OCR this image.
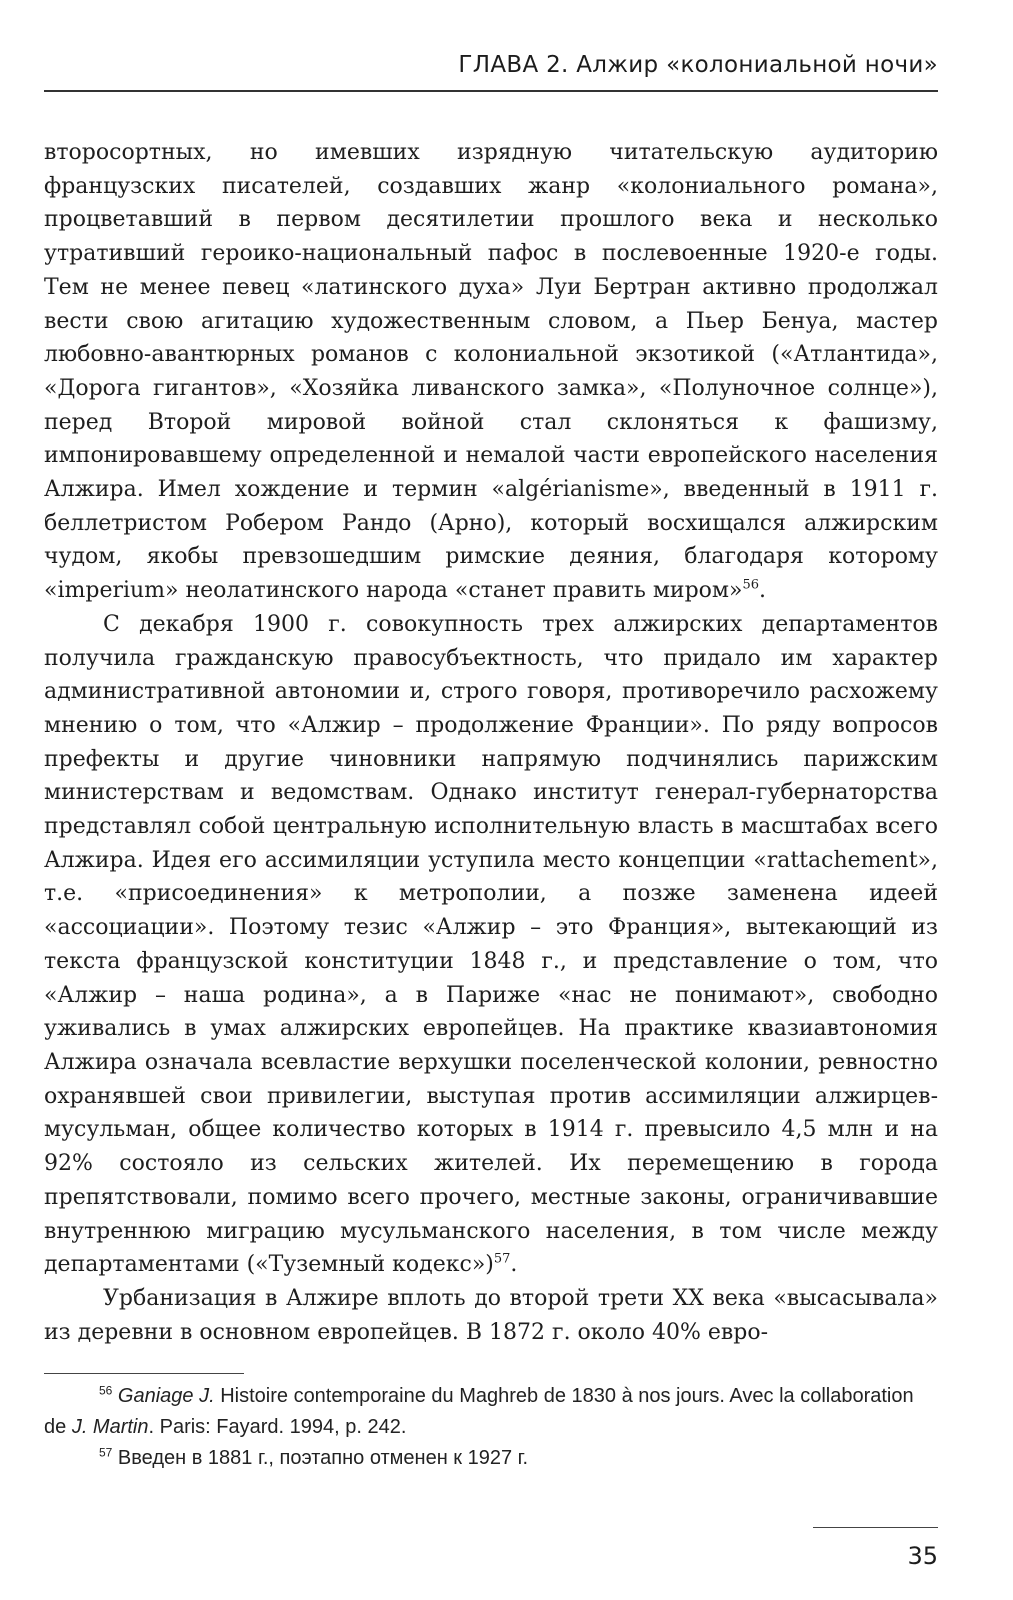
ГЛАВА 2. Алжир «колониальной ночи»

второсортных, но имевших изрядную читательскую аудиторию французских писателей, создавших жанр «колониального романа», процветавший в первом десятилетии прошлого века и несколько утративший героико-национальный пафос в послевоенные 1920-е годы. Тем не менее певец «латинского духа» Луи Бертран активно продолжал вести свою агитацию художественным словом, а Пьер Бенуа, мастер любовно-авантюрных романов с колониальной экзотикой («Атлантида», «Дорога гигантов», «Хозяйка ливанского замка», «Полуночное солнце»), перед Второй мировой войной стал склоняться к фашизму, импонировавшему определенной и немалой части европейского населения Алжира. Имел хождение и термин «algérianisme», введенный в 1911 г. беллетристом Робером Рандо (Арно), который восхищался алжирским чудом, якобы превзошедшим римские деяния, благодаря которому «imperium» неолатинского народа «станет править миром»$^{56}$.

С декабря 1900 г. совокупность трех алжирских департаментов получила гражданскую правосубъектность, что придало им характер административной автономии и, строго говоря, противоречило расхожему мнению о том, что «Алжир – продолжение Франции». По ряду вопросов префекты и другие чиновники напрямую подчинялись парижским министерствам и ведомствам. Однако институт генерал-губернаторства представлял собой центральную исполнительную власть в масштабах всего Алжира. Идея его ассимиляции уступила место концепции «rattachement», т.е. «присоединения» к метрополии, а позже заменена идеей «ассоциации». Поэтому тезис «Алжир – это Франция», вытекающий из текста французской конституции 1848 г., и представление о том, что «Алжир – наша родина», а в Париже «нас не понимают», свободно уживались в умах алжирских европейцев. На практике квазиавтономия Алжира означала всевластие верхушки поселенческой колонии, ревностно охранявшей свои привилегии, выступая против ассимиляции алжирцев-мусульман, общее количество которых в 1914 г. превысило 4,5 млн и на 92% состояло из сельских жителей. Их перемещению в города препятствовали, помимо всего прочего, местные законы, ограничивавшие внутреннюю миграцию мусульманского населения, в том числе между департаментами («Туземный кодекс»)$^{57}$.

Урбанизация в Алжире вплоть до второй трети XX века «высасывала» из деревни в основном европейцев. В 1872 г. около 40% евро-

$^{56}$ Ganiage J. Histoire contemporaine du Maghreb de 1830 à nos jours. Avec la collaboration de J. Martin. Paris: Fayard. 1994, p. 242.

$^{57}$ Введен в 1881 г., поэтапно отменен к 1927 г.

35
